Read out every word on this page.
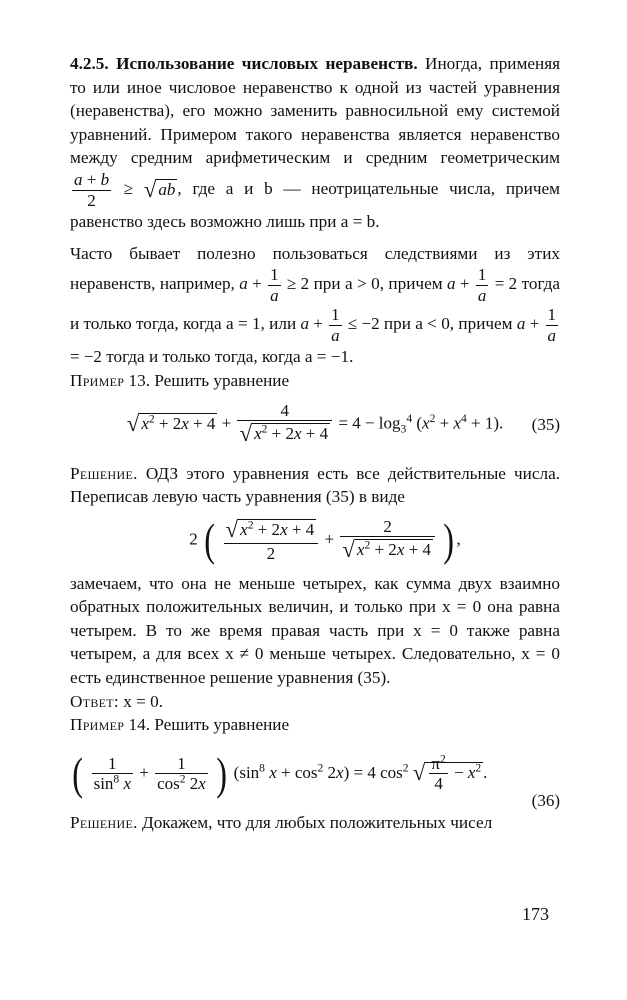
4.2.5. Использование числовых неравенств. Иногда, применяя то или иное числовое неравенство к одной из частей уравнения (неравенства), его можно заменить равносильной ему системой уравнений. Примером такого неравенства является неравенство между средним арифметическим и средним геометрическим
$\frac{a + b}{2}$ ≥ √ ab , где a и b — неотрицательные числа, причем равенство здесь возможно лишь при a = b.

Часто бывает полезно пользоваться следствиями из этих неравенств, например, $a + \frac{1}{a} \ge 2$ при a > 0, причем $a + \frac{1}{a} = 2$ тогда и только тогда, когда a = 1, или $a + \frac{1}{a} \le -2$ при a < 0, причем $a + \frac{1}{a}$
= −2 тогда и только тогда, когда a = −1.

Пример 13. Решить уравнение

√ $x^2 + 2x + 4 + \frac{4}{√ x^2 + 2x + 4} = 4 - \log_3^4 (x^2 + x^4 + 1)$. (35)

Решение. ОДЗ этого уравнения есть все действительные числа. Переписав левую часть уравнения (35) в виде

2 ( $\frac{√ x^2 + 2x + 4}{2} + \frac{2}{√ x^2 + 2x + 4}$ ) ,

замечаем, что она не меньше четырех, как сумма двух взаимно обратных положительных величин, и только при x = 0 она равна четырем. В то же время правая часть при x = 0 также равна четырем, а для всех x ≠ 0 меньше четырех. Следовательно, x = 0 есть единственное решение уравнения (35).

Ответ: x = 0.

Пример 14. Решить уравнение

( $\frac{1}{\sin^8 x} + \frac{1}{\cos^2 2x}$ ) ($\sin^8$ $x + \cos^2 2x) = 4$ $\cos^2$ √ $\frac{\pi^2}{4} - x^2$ .
(36)

Решение. Докажем, что для любых положительных чисел

173
